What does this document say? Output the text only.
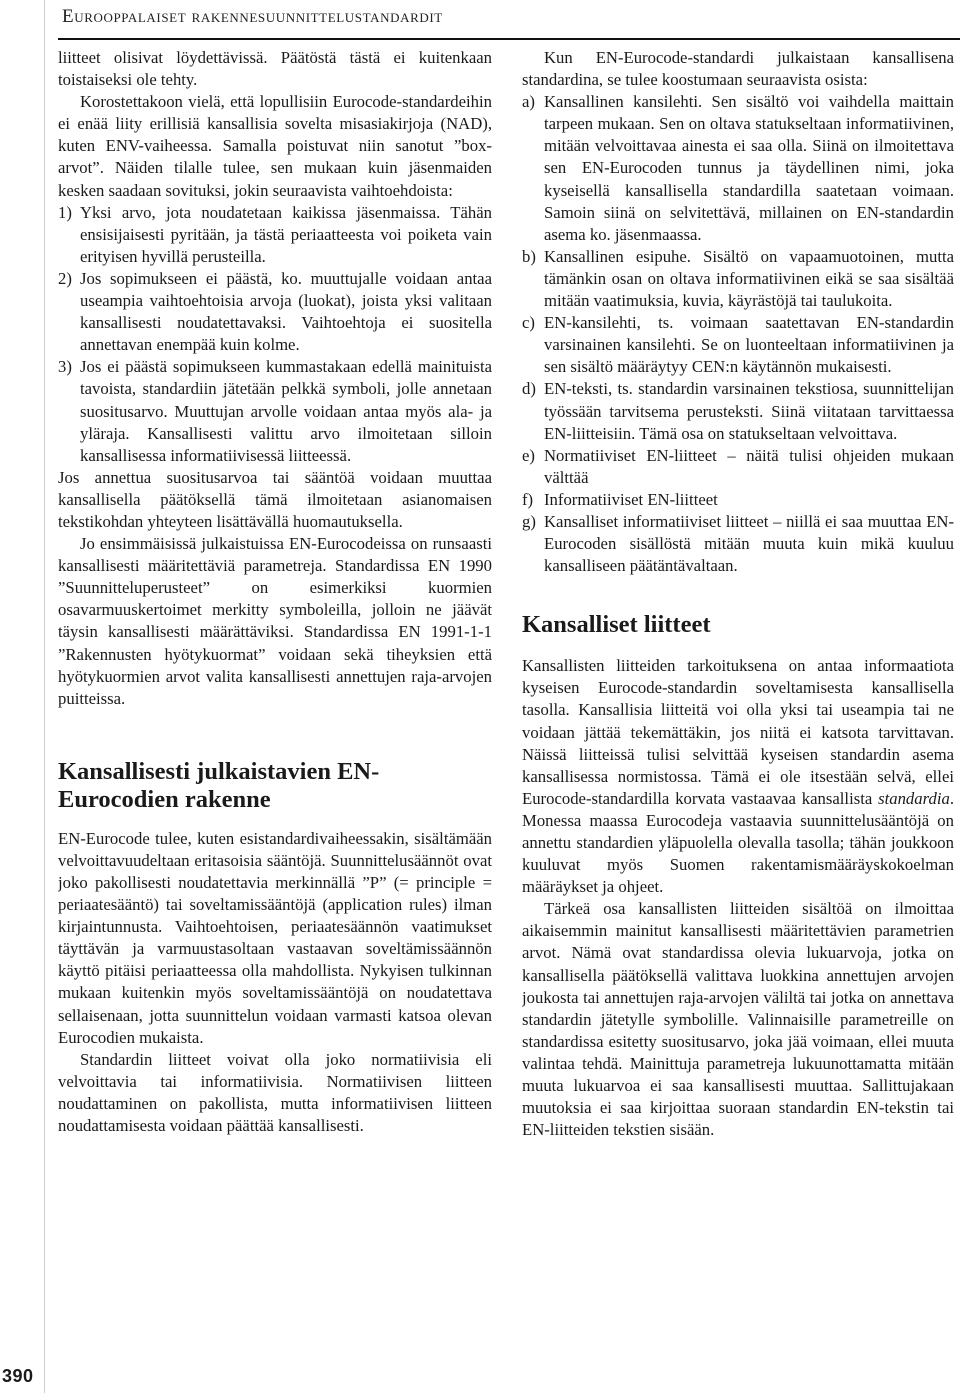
390
Eurooppalaiset rakennesuunnittelustandardit

liitteet olisivat löydettävissä. Päätöstä tästä ei kuitenkaan toistaiseksi ole tehty.

Korostettakoon vielä, että lopullisiin Eurocode-standardeihin ei enää liity erillisiä kansallisia sovelta misasiakirjoja (NAD), kuten ENV-vaiheessa. Samalla poistuvat niin sanotut ”box-arvot”. Näiden tilalle tulee, sen mukaan kuin jäsenmaiden kesken saadaan sovituksi, jokin seuraavista vaihtoehdoista:

1) Yksi arvo, jota noudatetaan kaikissa jäsenmaissa. Tähän ensisijaisesti pyritään, ja tästä periaatteesta voi poiketa vain erityisen hyvillä perusteilla.
2) Jos sopimukseen ei päästä, ko. muuttujalle voidaan antaa useampia vaihtoehtoisia arvoja (luokat), joista yksi valitaan kansallisesti noudatettavaksi. Vaihtoehtoja ei suositella annettavan enempää kuin kolme.
3) Jos ei päästä sopimukseen kummastakaan edellä mainituista tavoista, standardiin jätetään pelkkä symboli, jolle annetaan suositusarvo. Muuttujan arvolle voidaan antaa myös ala- ja yläraja. Kansallisesti valittu arvo ilmoitetaan silloin kansallisessa informatiivisessä liitteessä.

Jos annettua suositusarvoa tai sääntöä voidaan muuttaa kansallisella päätöksellä tämä ilmoitetaan asianomaisen tekstikohdan yhteyteen lisättävällä huomautuksella.

Jo ensimmäisissä julkaistuissa EN-Eurocodeissa on runsaasti kansallisesti määritettäviä parametreja. Standardissa EN 1990 ”Suunnitteluperusteet” on esimerkiksi kuormien osavarmuuskertoimet merkitty symboleilla, jolloin ne jäävät täysin kansallisesti määrättäviksi. Standardissa EN 1991-1-1 ”Rakennusten hyötykuormat” voidaan sekä tiheyksien että hyötykuormien arvot valita kansallisesti annettujen raja-arvojen puitteissa.

Kansallisesti julkaistavien EN-Eurocodien rakenne

EN-Eurocode tulee, kuten esistandardivaiheessakin, sisältämään velvoittavuudeltaan eritasoisia sääntöjä. Suunnittelusäännöt ovat joko pakollisesti noudatettavia merkinnällä ”P” (= principle = periaatesääntö) tai soveltamissääntöjä (application rules) ilman kirjaintunnusta. Vaihtoehtoisen, periaatesäännön vaatimukset täyttävän ja varmuustasoltaan vastaavan soveltämissäännön käyttö pitäisi periaatteessa olla mahdollista. Nykyisen tulkinnan mukaan kuitenkin myös soveltamissääntöjä on noudatettava sellaisenaan, jotta suunnittelun voidaan varmasti katsoa olevan Eurocodien mukaista.

Standardin liitteet voivat olla joko normatiivisia eli velvoittavia tai informatiivisia. Normatiivisen liitteen noudattaminen on pakollista, mutta informatiivisen liitteen noudattamisesta voidaan päättää kansallisesti.

Kun EN-Eurocode-standardi julkaistaan kansallisena standardina, se tulee koostumaan seuraavista osista:

a) Kansallinen kansilehti. Sen sisältö voi vaihdella maittain tarpeen mukaan. Sen on oltava statukseltaan informatiivinen, mitään velvoittavaa ainesta ei saa olla. Siinä on ilmoitettava sen EN-Eurocoden tunnus ja täydellinen nimi, joka kyseisellä kansallisella standardilla saatetaan voimaan. Samoin siinä on selvitettävä, millainen on EN-standardin asema ko. jäsenmaassa.
b) Kansallinen esipuhe. Sisältö on vapaamuotoinen, mutta tämänkin osan on oltava informatiivinen eikä se saa sisältää mitään vaatimuksia, kuvia, käyrästöjä tai taulukoita.
c) EN-kansilehti, ts. voimaan saatettavan EN-standardin varsinainen kansilehti. Se on luonteeltaan informatiivinen ja sen sisältö määräytyy CEN:n käytännön mukaisesti.
d) EN-teksti, ts. standardin varsinainen tekstiosa, suunnittelijan työssään tarvitsema perusteksti. Siinä viitataan tarvittaessa EN-liitteisiin. Tämä osa on statukseltaan velvoittava.
e) Normatiiviset EN-liitteet – näitä tulisi ohjeiden mukaan välttää
f) Informatiiviset EN-liitteet
g) Kansalliset informatiiviset liitteet – niillä ei saa muuttaa EN-Eurocoden sisällöstä mitään muuta kuin mikä kuuluu kansalliseen päätäntävaltaan.
Kansalliset liitteet

Kansallisten liitteiden tarkoituksena on antaa informaatiota kyseisen Eurocode-standardin soveltamisesta kansallisella tasolla. Kansallisia liitteitä voi olla yksi tai useampia tai ne voidaan jättää tekemättäkin, jos niitä ei katsota tarvittavan. Näissä liitteissä tulisi selvittää kyseisen standardin asema kansallisessa normistossa. Tämä ei ole itsestään selvä, ellei Eurocode-standardilla korvata vastaavaa kansallista standardia. Monessa maassa Eurocodeja vastaavia suunnittelusääntöjä on annettu standardien yläpuolella olevalla tasolla; tähän joukkoon kuuluvat myös Suomen rakentamismääräyskokoelman määräykset ja ohjeet.

Tärkeä osa kansallisten liitteiden sisältöä on ilmoittaa aikaisemmin mainitut kansallisesti määritettävien parametrien arvot. Nämä ovat standardissa olevia lukuarvoja, jotka on kansallisella päätöksellä valittava luokkina annettujen arvojen joukosta tai annettujen raja-arvojen väliltä tai jotka on annettava standardin jätetylle symbolille. Valinnaisille parametreille on standardissa esitetty suositusarvo, joka jää voimaan, ellei muuta valintaa tehdä. Mainittuja parametreja lukuunottamatta mitään muuta lukuarvoa ei saa kansallisesti muuttaa. Sallittujakaan muutoksia ei saa kirjoittaa suoraan standardin EN-tekstin tai EN-liitteiden tekstien sisään.
